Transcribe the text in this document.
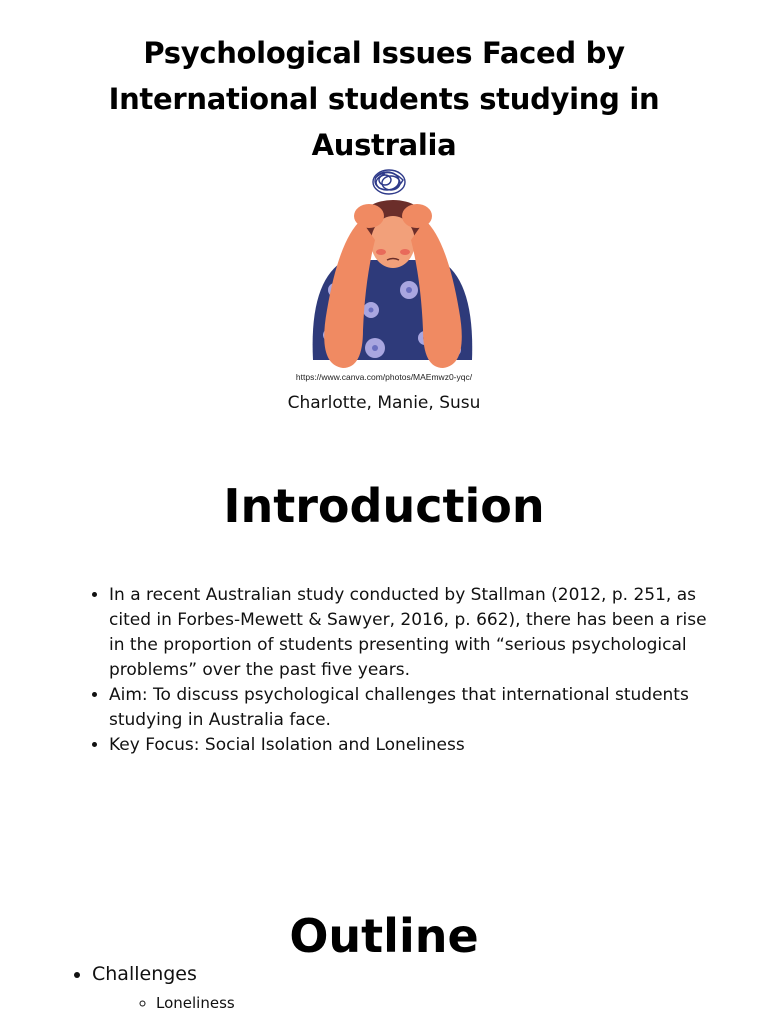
Psychological Issues Faced by International students studying in Australia
https://www.canva.com/photos/MAEmwz0-yqc/
Charlotte, Manie, Susu
Introduction
• In a recent Australian study conducted by Stallman (2012, p. 251, as cited in Forbes-Mewett & Sawyer, 2016, p. 662), there has been a rise in the proportion of students presenting with “serious psychological problems” over the past five years.
• Aim: To discuss psychological challenges that international students studying in Australia face.
• Key Focus: Social Isolation and Loneliness
Outline
• Challenges
◦ Loneliness
